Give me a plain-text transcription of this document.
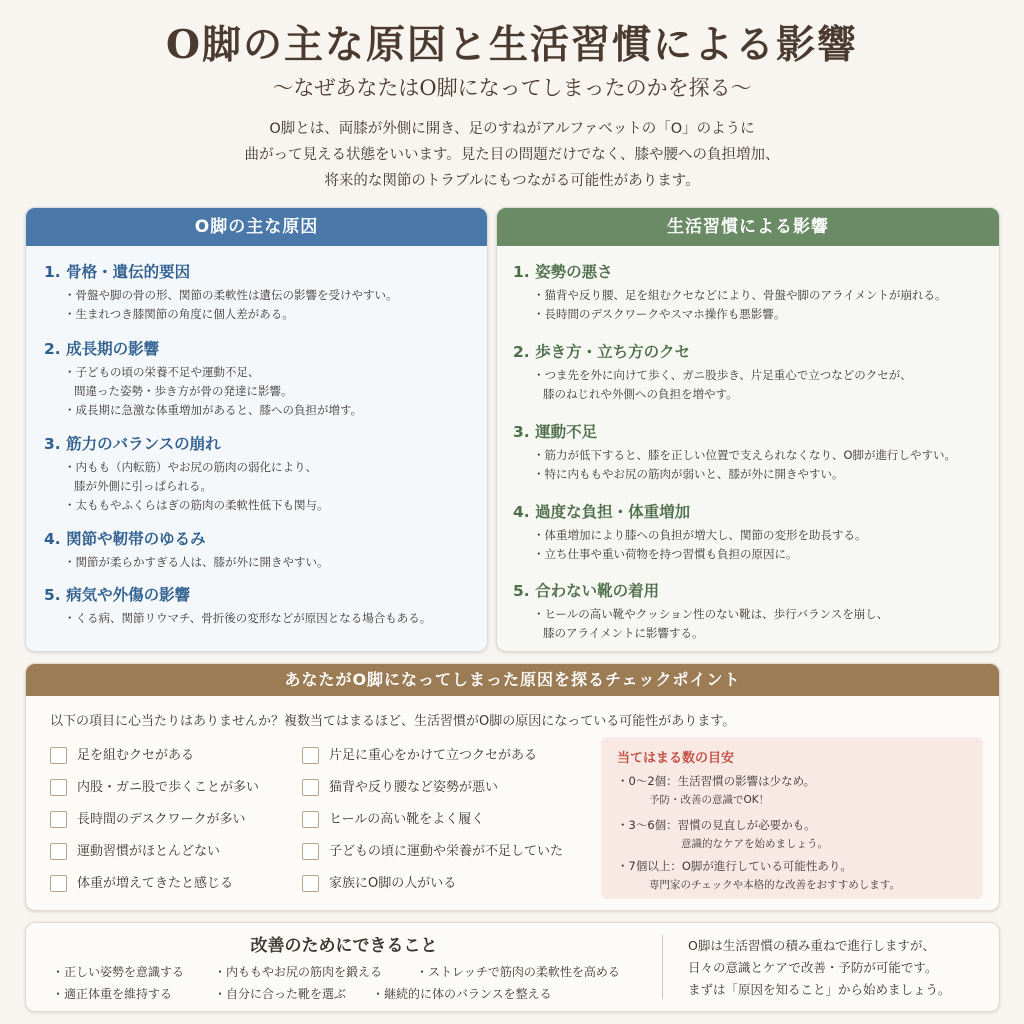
O脚の主な原因と生活習慣による影響
～なぜあなたはO脚になってしまったのかを探る～
O脚とは、両膝が外側に開き、足のすねがアルファベットの「O」のように
曲がって見える状態をいいます。見た目の問題だけでなく、膝や腰への負担増加、
将来的な関節のトラブルにもつながる可能性があります。
O脚の主な原因
1. 骨格・遺伝的要因
・骨盤や脚の骨の形、関節の柔軟性は遺伝の影響を受けやすい。
・生まれつき膝関節の角度に個人差がある。
2. 成長期の影響
・子どもの頃の栄養不足や運動不足、
間違った姿勢・歩き方が骨の発達に影響。
・成長期に急激な体重増加があると、膝への負担が増す。
3. 筋力のバランスの崩れ
・内もも（内転筋）やお尻の筋肉の弱化により、
膝が外側に引っぱられる。
・太ももやふくらはぎの筋肉の柔軟性低下も関与。
4. 関節や靭帯のゆるみ
・関節が柔らかすぎる人は、膝が外に開きやすい。
5. 病気や外傷の影響
・くる病、関節リウマチ、骨折後の変形などが原因となる場合もある。
生活習慣による影響
1. 姿勢の悪さ
・猫背や反り腰、足を組むクセなどにより、骨盤や脚のアライメントが崩れる。
・長時間のデスクワークやスマホ操作も悪影響。
2. 歩き方・立ち方のクセ
・つま先を外に向けて歩く、ガニ股歩き、片足重心で立つなどのクセが、
膝のねじれや外側への負担を増やす。
3. 運動不足
・筋力が低下すると、膝を正しい位置で支えられなくなり、O脚が進行しやすい。
・特に内ももやお尻の筋肉が弱いと、膝が外に開きやすい。
4. 過度な負担・体重増加
・体重増加により膝への負担が増大し、関節の変形を助長する。
・立ち仕事や重い荷物を持つ習慣も負担の原因に。
5. 合わない靴の着用
・ヒールの高い靴やクッション性のない靴は、歩行バランスを崩し、
膝のアライメントに影響する。
あなたがO脚になってしまった原因を探るチェックポイント
以下の項目に心当たりはありませんか？複数当てはまるほど、生活習慣がO脚の原因になっている可能性があります。
足を組むクセがある
内股・ガニ股で歩くことが多い
長時間のデスクワークが多い
運動習慣がほとんどない
体重が増えてきたと感じる
片足に重心をかけて立つクセがある
猫背や反り腰など姿勢が悪い
ヒールの高い靴をよく履く
子どもの頃に運動や栄養が不足していた
家族にO脚の人がいる
当てはまる数の目安
・0〜2個：生活習慣の影響は少なめ。
予防・改善の意識でOK！
・3〜6個：習慣の見直しが必要かも。
意識的なケアを始めましょう。
・7個以上：O脚が進行している可能性あり。
専門家のチェックや本格的な改善をおすすめします。
改善のためにできること
・正しい姿勢を意識する ・内ももやお尻の筋肉を鍛える	・ストレッチで筋肉の柔軟性を高める
・適正体重を維持する	・自分に合った靴を選ぶ ・継続的に体のバランスを整える
O脚は生活習慣の積み重ねで進行しますが、
日々の意識とケアで改善・予防が可能です。
まずは「原因を知ること」から始めましょう。
